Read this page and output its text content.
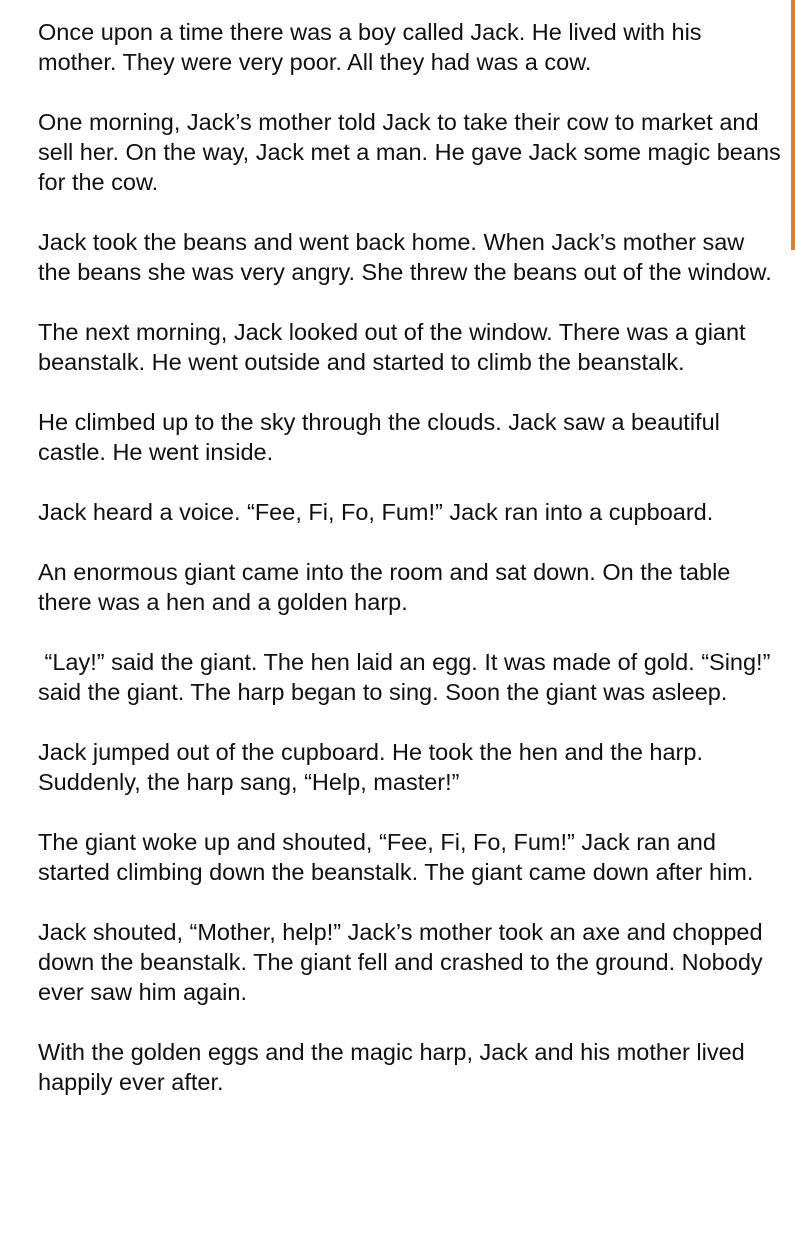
Once upon a time there was a boy called Jack. He lived with his mother. They were very poor. All they had was a cow.

One morning, Jack’s mother told Jack to take their cow to market and sell her. On the way, Jack met a man. He gave Jack some magic beans for the cow.

Jack took the beans and went back home. When Jack’s mother saw the beans she was very angry. She threw the beans out of the window.

The next morning, Jack looked out of the window. There was a giant beanstalk. He went outside and started to climb the beanstalk.

He climbed up to the sky through the clouds. Jack saw a beautiful castle. He went inside.

Jack heard a voice. “Fee, Fi, Fo, Fum!” Jack ran into a cupboard.

An enormous giant came into the room and sat down. On the table there was a hen and a golden harp.

“Lay!” said the giant. The hen laid an egg. It was made of gold. “Sing!” said the giant. The harp began to sing. Soon the giant was asleep.

Jack jumped out of the cupboard. He took the hen and the harp. Suddenly, the harp sang, “Help, master!”

The giant woke up and shouted, “Fee, Fi, Fo, Fum!” Jack ran and started climbing down the beanstalk. The giant came down after him.

Jack shouted, “Mother, help!” Jack’s mother took an axe and chopped down the beanstalk. The giant fell and crashed to the ground. Nobody ever saw him again.

With the golden eggs and the magic harp, Jack and his mother lived happily ever after.
